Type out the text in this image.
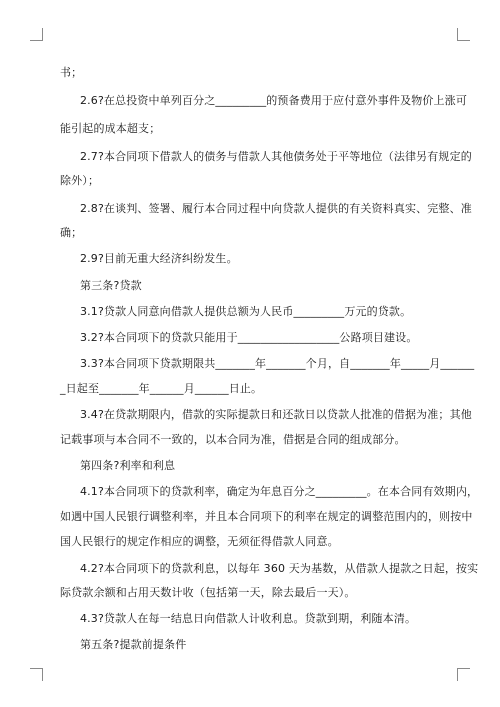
书；
2.6?在总投资中单列百分之_________的预备费用于应付意外事件及物价上涨可
能引起的成本超支；
2.7?本合同项下借款人的债务与借款人其他债务处于平等地位（法律另有规定的
除外）；
2.8?在谈判、签署、履行本合同过程中向贷款人提供的有关资料真实、完整、准
确；
2.9?目前无重大经济纠纷发生。
第三条?贷款
3.1?贷款人同意向借款人提供总额为人民币_________万元的贷款。
3.2?本合同项下的贷款只能用于__________________公路项目建设。
3.3?本合同项下贷款期限共_______年_______个月，自_______年_____月______
_日起至_______年______月______日止。
3.4?在贷款期限内，借款的实际提款日和还款日以贷款人批准的借据为准；其他
记载事项与本合同不一致的，以本合同为准，借据是合同的组成部分。
第四条?利率和利息
4.1?本合同项下的贷款利率，确定为年息百分之_________。在本合同有效期内，
如遇中国人民银行调整利率，并且本合同项下的利率在规定的调整范围内的，则按中
国人民银行的规定作相应的调整，无须征得借款人同意。
4.2?本合同项下的贷款利息，以每年 360 天为基数，从借款人提款之日起，按实
际贷款余额和占用天数计收（包括第一天，除去最后一天）。
4.3?贷款人在每一结息日向借款人计收利息。贷款到期，利随本清。
第五条?提款前提条件
